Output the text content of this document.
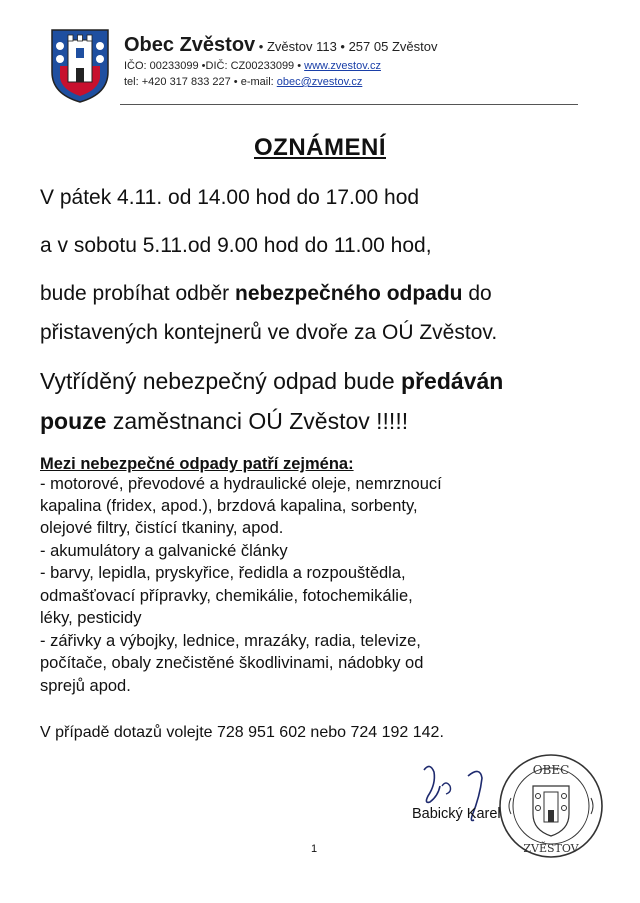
Obec Zvěstov • Zvěstov 113 • 257 05 Zvěstov
IČO: 00233099 •DIČ: CZ00233099 • www.zvestov.cz
tel: +420 317 833 227 • e-mail: obec@zvestov.cz
OZNÁMENÍ
V pátek 4.11. od 14.00 hod do 17.00 hod
a v sobotu 5.11.od 9.00 hod do 11.00 hod,
bude probíhat odběr nebezpečného odpadu do
přistavených kontejnerů ve dvoře za OÚ Zvěstov.
Vytříděný nebezpečný odpad bude předáván
pouze zaměstnanci OÚ Zvěstov !!!!!
Mezi nebezpečné odpady patří zejména:
- motorové, převodové a hydraulické oleje, nemrznoucí
kapalina (fridex, apod.), brzdová kapalina, sorbenty,
olejové filtry, čistící tkaniny, apod.
- akumulátory a galvanické články
- barvy, lepidla, pryskyřice, ředidla a rozpouštědla,
odmašťovací přípravky, chemikálie, fotochemikálie,
léky, pesticidy
- zářivky a výbojky, lednice, mrazáky, radia, televize,
počítače, obaly znečistěné škodlivinami, nádobky od
sprejů apod.
V případě dotazů volejte 728 951 602 nebo 724 192 142.
Babický Karel
OBEC
ZVĚSTOV
1
